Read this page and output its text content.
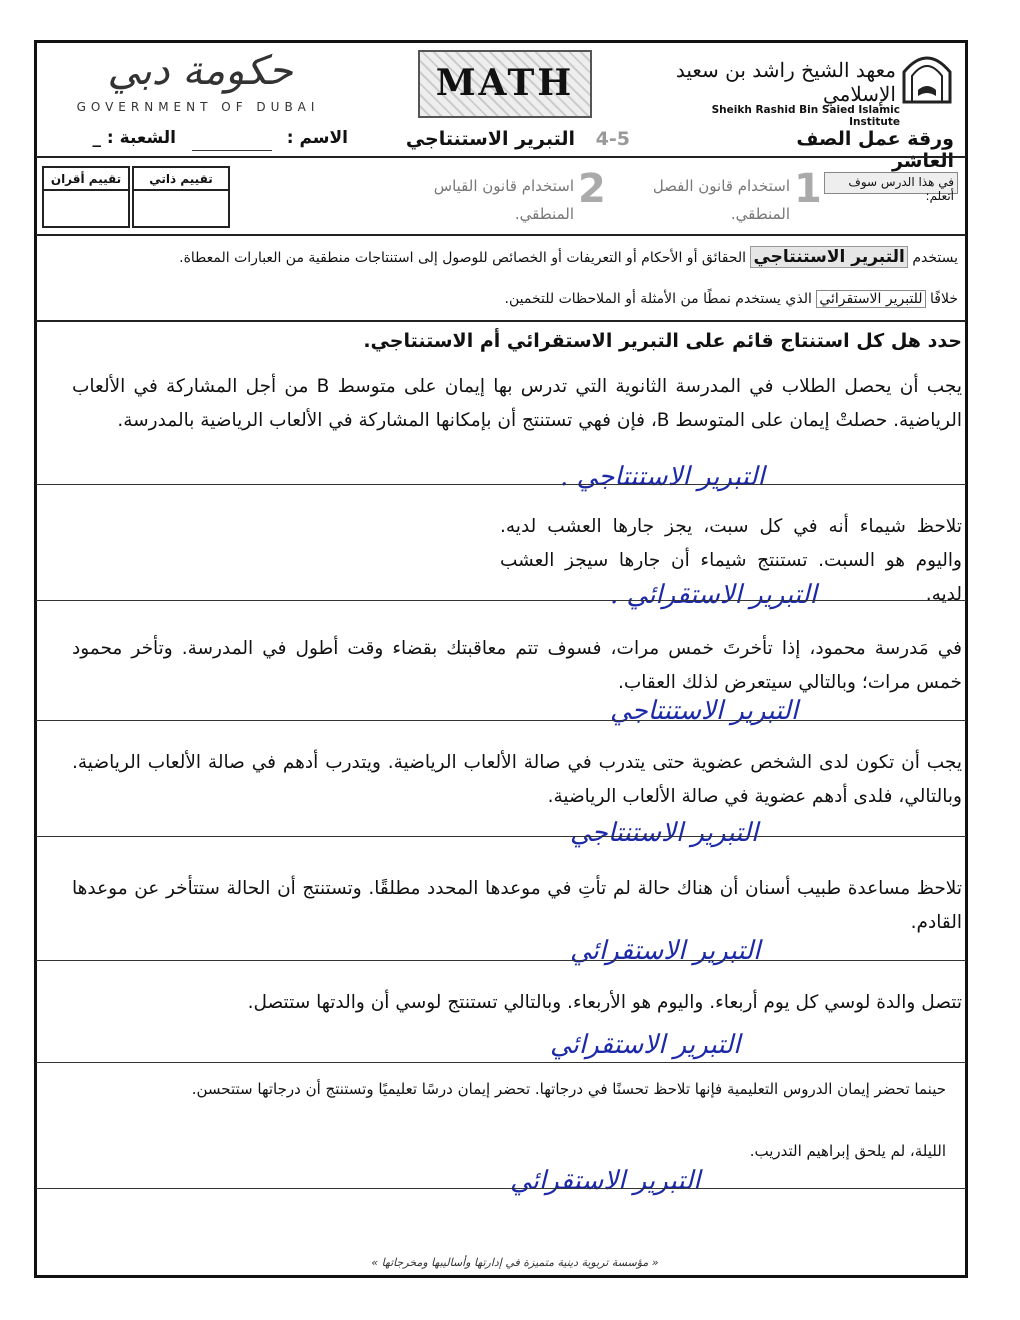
حكومة دبي
GOVERNMENT OF DUBAI
MATH	معهد الشيخ راشد بن سعيد الإسلامي
Sheikh Rashid Bin Saied Islamic Institute
ورقة عمل الصف العاشر
4-5 التبرير الاستنتاجي
الاسم :
الشعبة : _
في هذا الدرس سوف أتعلم:
1
استخدام قانون الفصل المنطقي.
2
استخدام قانون القياس المنطقي.
تقييم ذاتي
تقييم أقران
يستخدم التبرير الاستنتاجي الحقائق أو الأحكام أو التعريفات أو الخصائص للوصول إلى استنتاجات منطقية من العبارات المعطاة.
خلافًا للتبرير الاستقرائي الذي يستخدم نمطًا من الأمثلة أو الملاحظات للتخمين.
حدد هل كل استنتاج قائم على التبرير الاستقرائي أم الاستنتاجي.
يجب أن يحصل الطلاب في المدرسة الثانوية التي تدرس بها إيمان على متوسط B من أجل المشاركة في الألعاب الرياضية. حصلتْ إيمان على المتوسط B، فإن فهي تستنتج أن بإمكانها المشاركة في الألعاب الرياضية بالمدرسة.
التبرير الاستنتاجي .
تلاحظ شيماء أنه في كل سبت، يجز جارها العشب لديه. واليوم هو السبت. تستنتج شيماء أن جارها سيجز العشب لديه.
التبرير الاستقرائي .
في مَدرسة محمود، إذا تأخرتَ خمس مرات، فسوف تتم معاقبتك بقضاء وقت أطول في المدرسة. وتأخر محمود خمس مرات؛ وبالتالي سيتعرض لذلك العقاب.
التبرير الاستنتاجي
يجب أن تكون لدى الشخص عضوية حتى يتدرب في صالة الألعاب الرياضية. ويتدرب أدهم في صالة الألعاب الرياضية. وبالتالي، فلدى أدهم عضوية في صالة الألعاب الرياضية.
التبرير الاستنتاجي
تلاحظ مساعدة طبيب أسنان أن هناك حالة لم تأتِ في موعدها المحدد مطلقًا. وتستنتج أن الحالة ستتأخر عن موعدها القادم.
التبرير الاستقرائي
تتصل والدة لوسي كل يوم أربعاء. واليوم هو الأربعاء. وبالتالي تستنتج لوسي أن والدتها ستتصل.
التبرير الاستقرائي
حينما تحضر إيمان الدروس التعليمية فإنها تلاحظ تحسنًا في درجاتها. تحضر إيمان درسًا تعليميًا وتستنتج أن درجاتها ستتحسن.
الليلة، لم يلحق إبراهيم التدريب.
التبرير الاستقرائي
« مؤسسة تربوية دينية متميزة في إدارتها وأساليبها ومخرجاتها »
